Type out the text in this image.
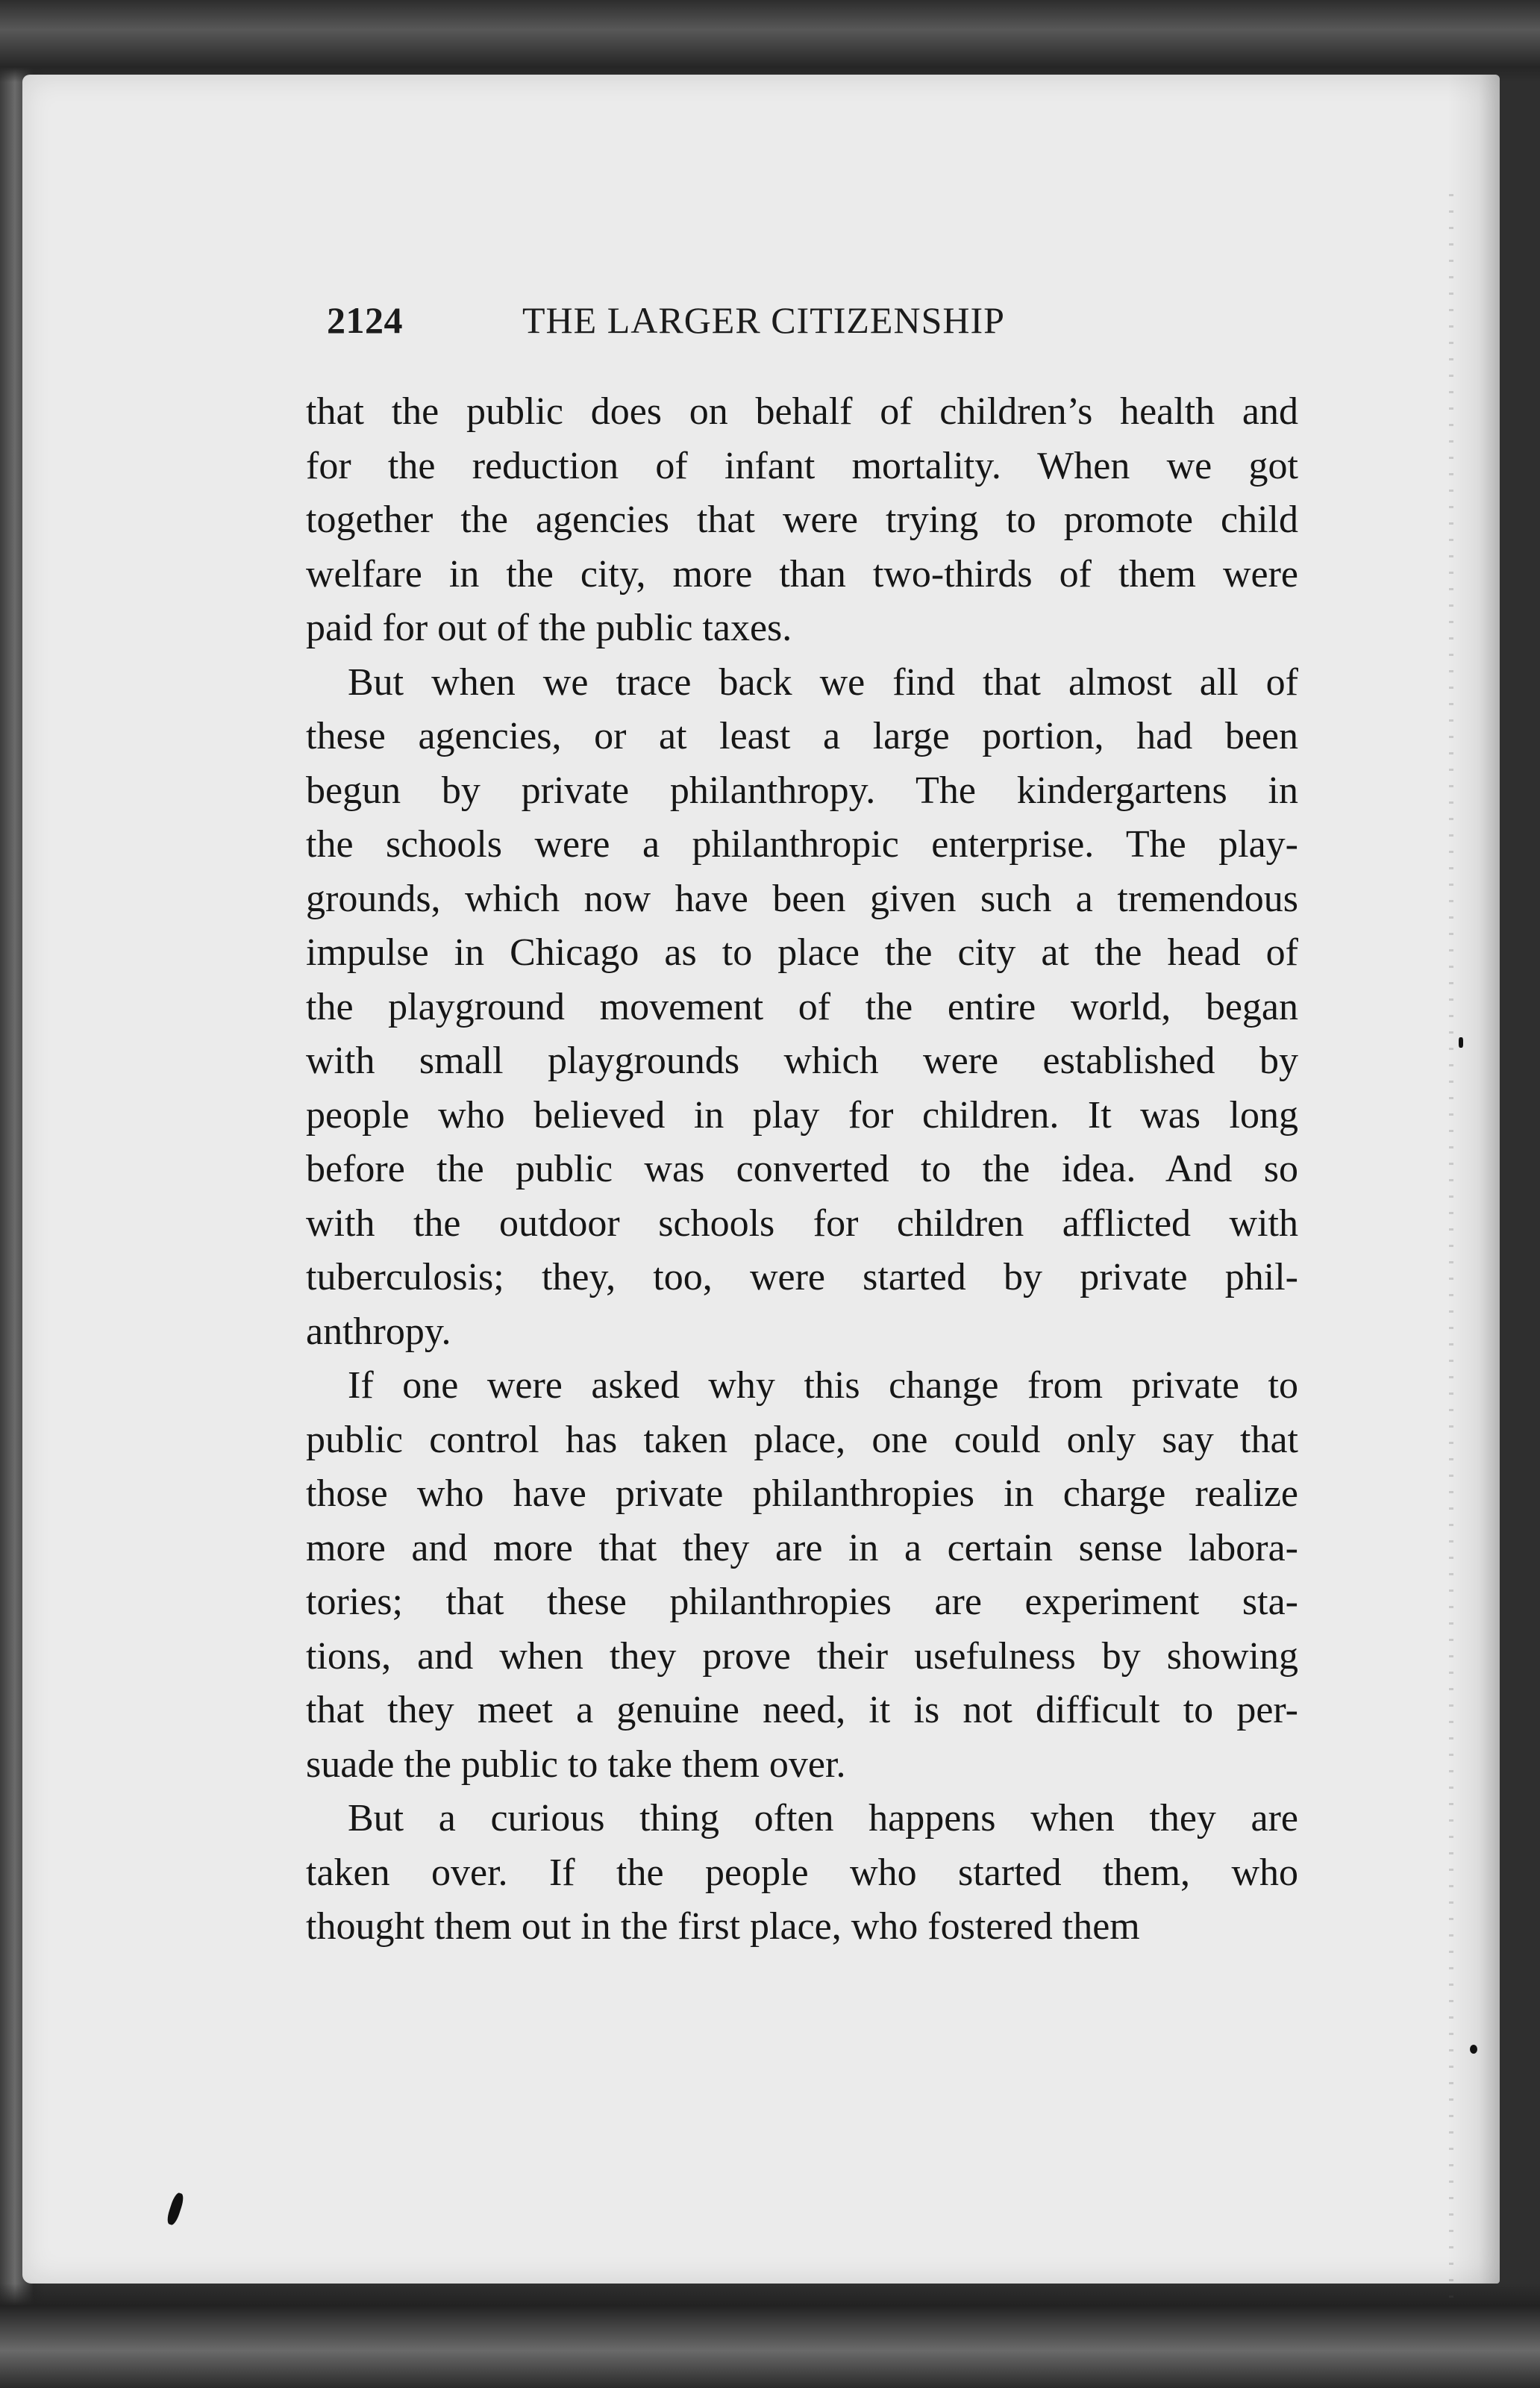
2124	THE LARGER CITIZENSHIP
that the public does on behalf of children’s health and
for the reduction of infant mortality. When we got
together the agencies that were trying to promote child
welfare in the city, more than two-thirds of them were
paid for out of the public taxes.
But when we trace back we find that almost all of
these agencies, or at least a large portion, had been
begun by private philanthropy. The kindergartens in
the schools were a philanthropic enterprise. The play-
grounds, which now have been given such a tremendous
impulse in Chicago as to place the city at the head of
the playground movement of the entire world, began
with small playgrounds which were established by
people who believed in play for children. It was long
before the public was converted to the idea. And so
with the outdoor schools for children afflicted with
tuberculosis; they, too, were started by private phil-
anthropy.
If one were asked why this change from private to
public control has taken place, one could only say that
those who have private philanthropies in charge realize
more and more that they are in a certain sense labora-
tories; that these philanthropies are experiment sta-
tions, and when they prove their usefulness by showing
that they meet a genuine need, it is not difficult to per-
suade the public to take them over.
But a curious thing often happens when they are
taken over. If the people who started them, who
thought them out in the first place, who fostered them
